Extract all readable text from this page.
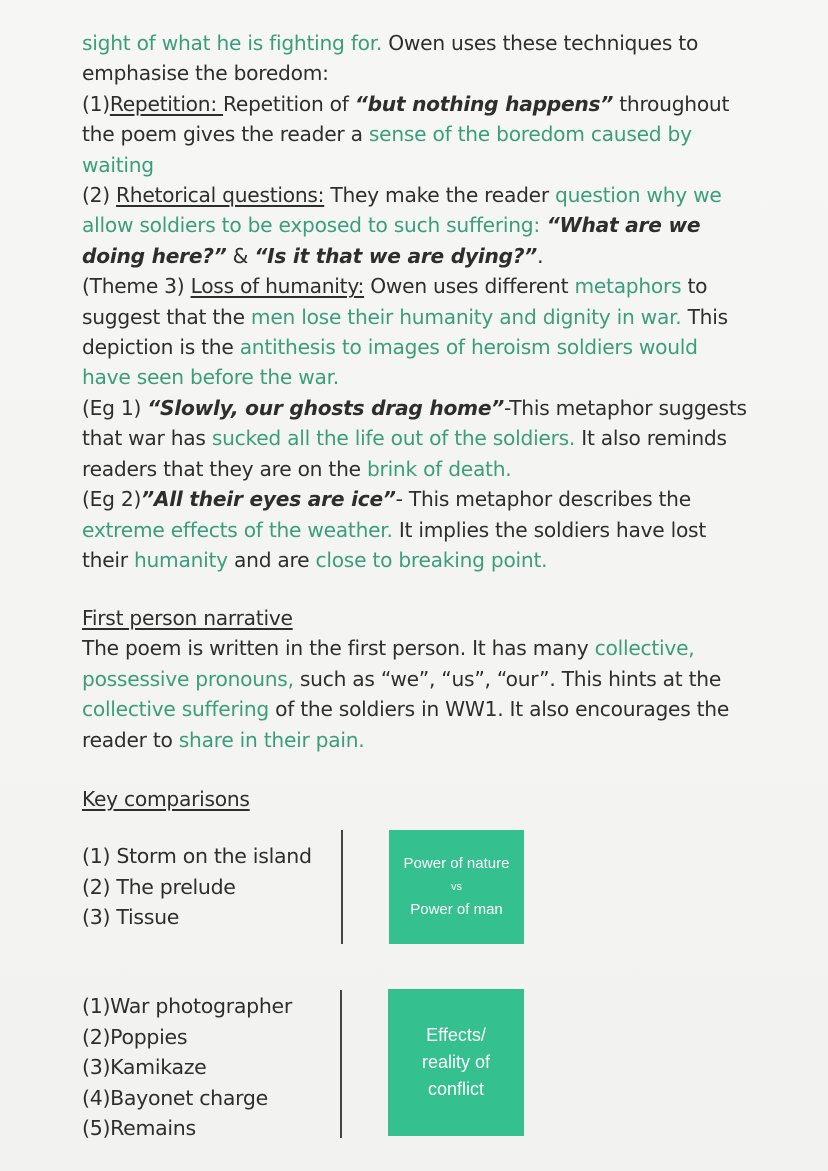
sight of what he is fighting for. Owen uses these techniques to
emphasise the boredom:
(1)Repetition: Repetition of “but nothing happens” throughout
the poem gives the reader a sense of the boredom caused by
waiting
(2) Rhetorical questions: They make the reader question why we
allow soldiers to be exposed to such suffering: “What are we
doing here?” & “Is it that we are dying?”.
(Theme 3) Loss of humanity: Owen uses different metaphors to
suggest that the men lose their humanity and dignity in war. This
depiction is the antithesis to images of heroism soldiers would
have seen before the war.
(Eg 1) “Slowly, our ghosts drag home”-This metaphor suggests
that war has sucked all the life out of the soldiers. It also reminds
readers that they are on the brink of death.
(Eg 2)”All their eyes are ice”- This metaphor describes the
extreme effects of the weather. It implies the soldiers have lost
their humanity and are close to breaking point.
First person narrative
The poem is written in the first person. It has many collective,
possessive pronouns, such as “we”, “us”, “our”. This hints at the
collective suffering of the soldiers in WW1. It also encourages the
reader to share in their pain.
Key comparisons
(1) Storm on the island
(2) The prelude
(3) Tissue
Power of nature
vs
Power of man
(1)War photographer
(2)Poppies
(3)Kamikaze
(4)Bayonet charge
(5)Remains
Effects/
reality of
conflict
